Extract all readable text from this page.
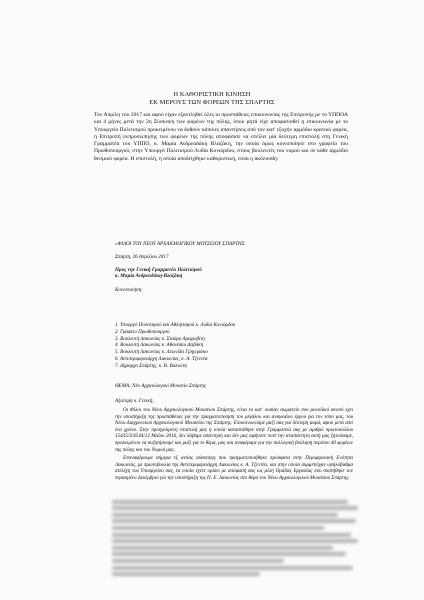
Η ΚΑΘΟΡΙΣΤΙΚΗ ΚΙΝΗΣΗ
ΕΚ ΜΕΡΟΥΣ ΤΩΝ ΦΟΡΕΩΝ ΤΗΣ ΣΠΑΡΤΗΣ

Τον Απρίλη του 2017 και αφού είχαν εξαντληθεί όλες οι προσπάθειες επικοινωνίας της Επιτροπής με το ΥΠΠΟΑ και 4 μήνες μετά την 2η Σύσκεψη των φορέων της πόλης, όπου ρητά είχε αποφασισθεί η επικοινωνία με το Υπουργείο Πολιτισμού προκειμένου να δοθούν κάποιες απαντήσεις από τον κατ' εξοχήν αρμόδιο κρατικό φορέα, η Επιτροπή εκπροσώπησης των φορέων της πόλης αποφάσισε να στείλει μία δεύτερη επιστολή στη Γενική Γραμματέα του ΥΠΠΟ, κ. Μαρία Ανδρεαδάκη Βλαζάκη, την οποία όμως κοινοποίησε στο γραφείο του Πρωθυπουργού, στην Υπουργό Πολιτισμού Λυδία Κονιόρδου, στους βουλευτές του νομού και σε κάθε αρμόδιο θεσμικό φορέα. Η επιστολή, η οποία αποδείχθηκε καθοριστική, είναι η ακόλουθη:

«ΦΙΛΟΙ ΤΟΥ ΝΕΟΥ ΑΡΧΑΙΟΛΟΓΙΚΟΥ ΜΟΥΣΕΙΟΥ ΣΠΑΡΤΗΣ
Σπάρτη, 26 Απριλίου 2017
Προς την Γενική Γραμματέα Πολιτισμού
κ. Μαρία Ανδρεαδάκη-Βλαζάκη
Κοινοποίηση:
1. Υπουργό Πολιτισμού και Αθλητισμού κ. Λυδία Κονιόρδου
2. Γραφείο Πρωθυπουργού
3. Βουλευτή Λακωνίας κ. Σταύρο Αραχωβίτη
4. Βουλευτή Λακωνίας κ. Αθανάσιο Δαβάκη
5. Βουλευτή Λακωνίας κ. Λεωνίδα Γρηγοράκο
6. Αντιπεριφερειάρχη Λακωνίας, κ. Α. Τζεντέα
7. Δήμαρχο Σπάρτης, κ. Β. Βαλιώτη
ΘΕΜΑ: Νέο Αρχαιολογικό Μουσείο Σπάρτης
Αξιότιμη κ. Γενική,

Οι Φίλοι του Νέου Αρχαιολογικού Μουσείου Σπάρτης, είναι το κατ' ουσίαν σωματείο που μονοδικό σκοπό έχει την υποστήριξη της προσπάθειας για την πραγματοποίηση του μεγάλου και αναγκαίου έργου για τον τόπο μας, του Νέου Διαχρονικού Αρχαιολογικού Μουσείου της Σπάρτης. Επικοινωνούμε μαζί σας για δεύτερη φορά, αφού μετά από ένα χρόνο. Στην προηγούμενη επιστολή μας η οποία καταστάθηκε στην Γραμματεία σας με αριθμό πρωτοκόλλου 15435/3/4544/12 Μαΐου 2016, δεν λάβαμε απάντηση και δεν μας αφήνατε ποτέ την αναπάντητη αυτή μας ζητούσαμε, προκειμένου να συζητήσουμε και μαζί για το θέμα, μας και αναφέραμε για την συλλογική βούληση περίπου 40 φορέων της πόλης και του Νομού μας.

Επαναφέρουμε σήμερα εξ αιτίας σύσκεψης που πραγματοποιήθηκε πρόσφατα στην Περιφερειακή Ενότητα Λακωνίας, με πρωτοβουλία της Αντιπεριφερειάρχη Λακωνίας κ. Α. Τζεντέα, και στην οποία συμμετείχαν υψηλόβαθμα στελέχη του Υπουργείου σας, τα οποία έχετε ορίσει με απόφασή σας ως μέλη Ομάδας Εργασίας που συστήθηκε τον περασμένο Δεκέμβριο για την υποστήριξη της Π. Ε. Λακωνίας στο θέμα του Νέου Αρχαιολογικού Μουσείου Σπάρτης.
